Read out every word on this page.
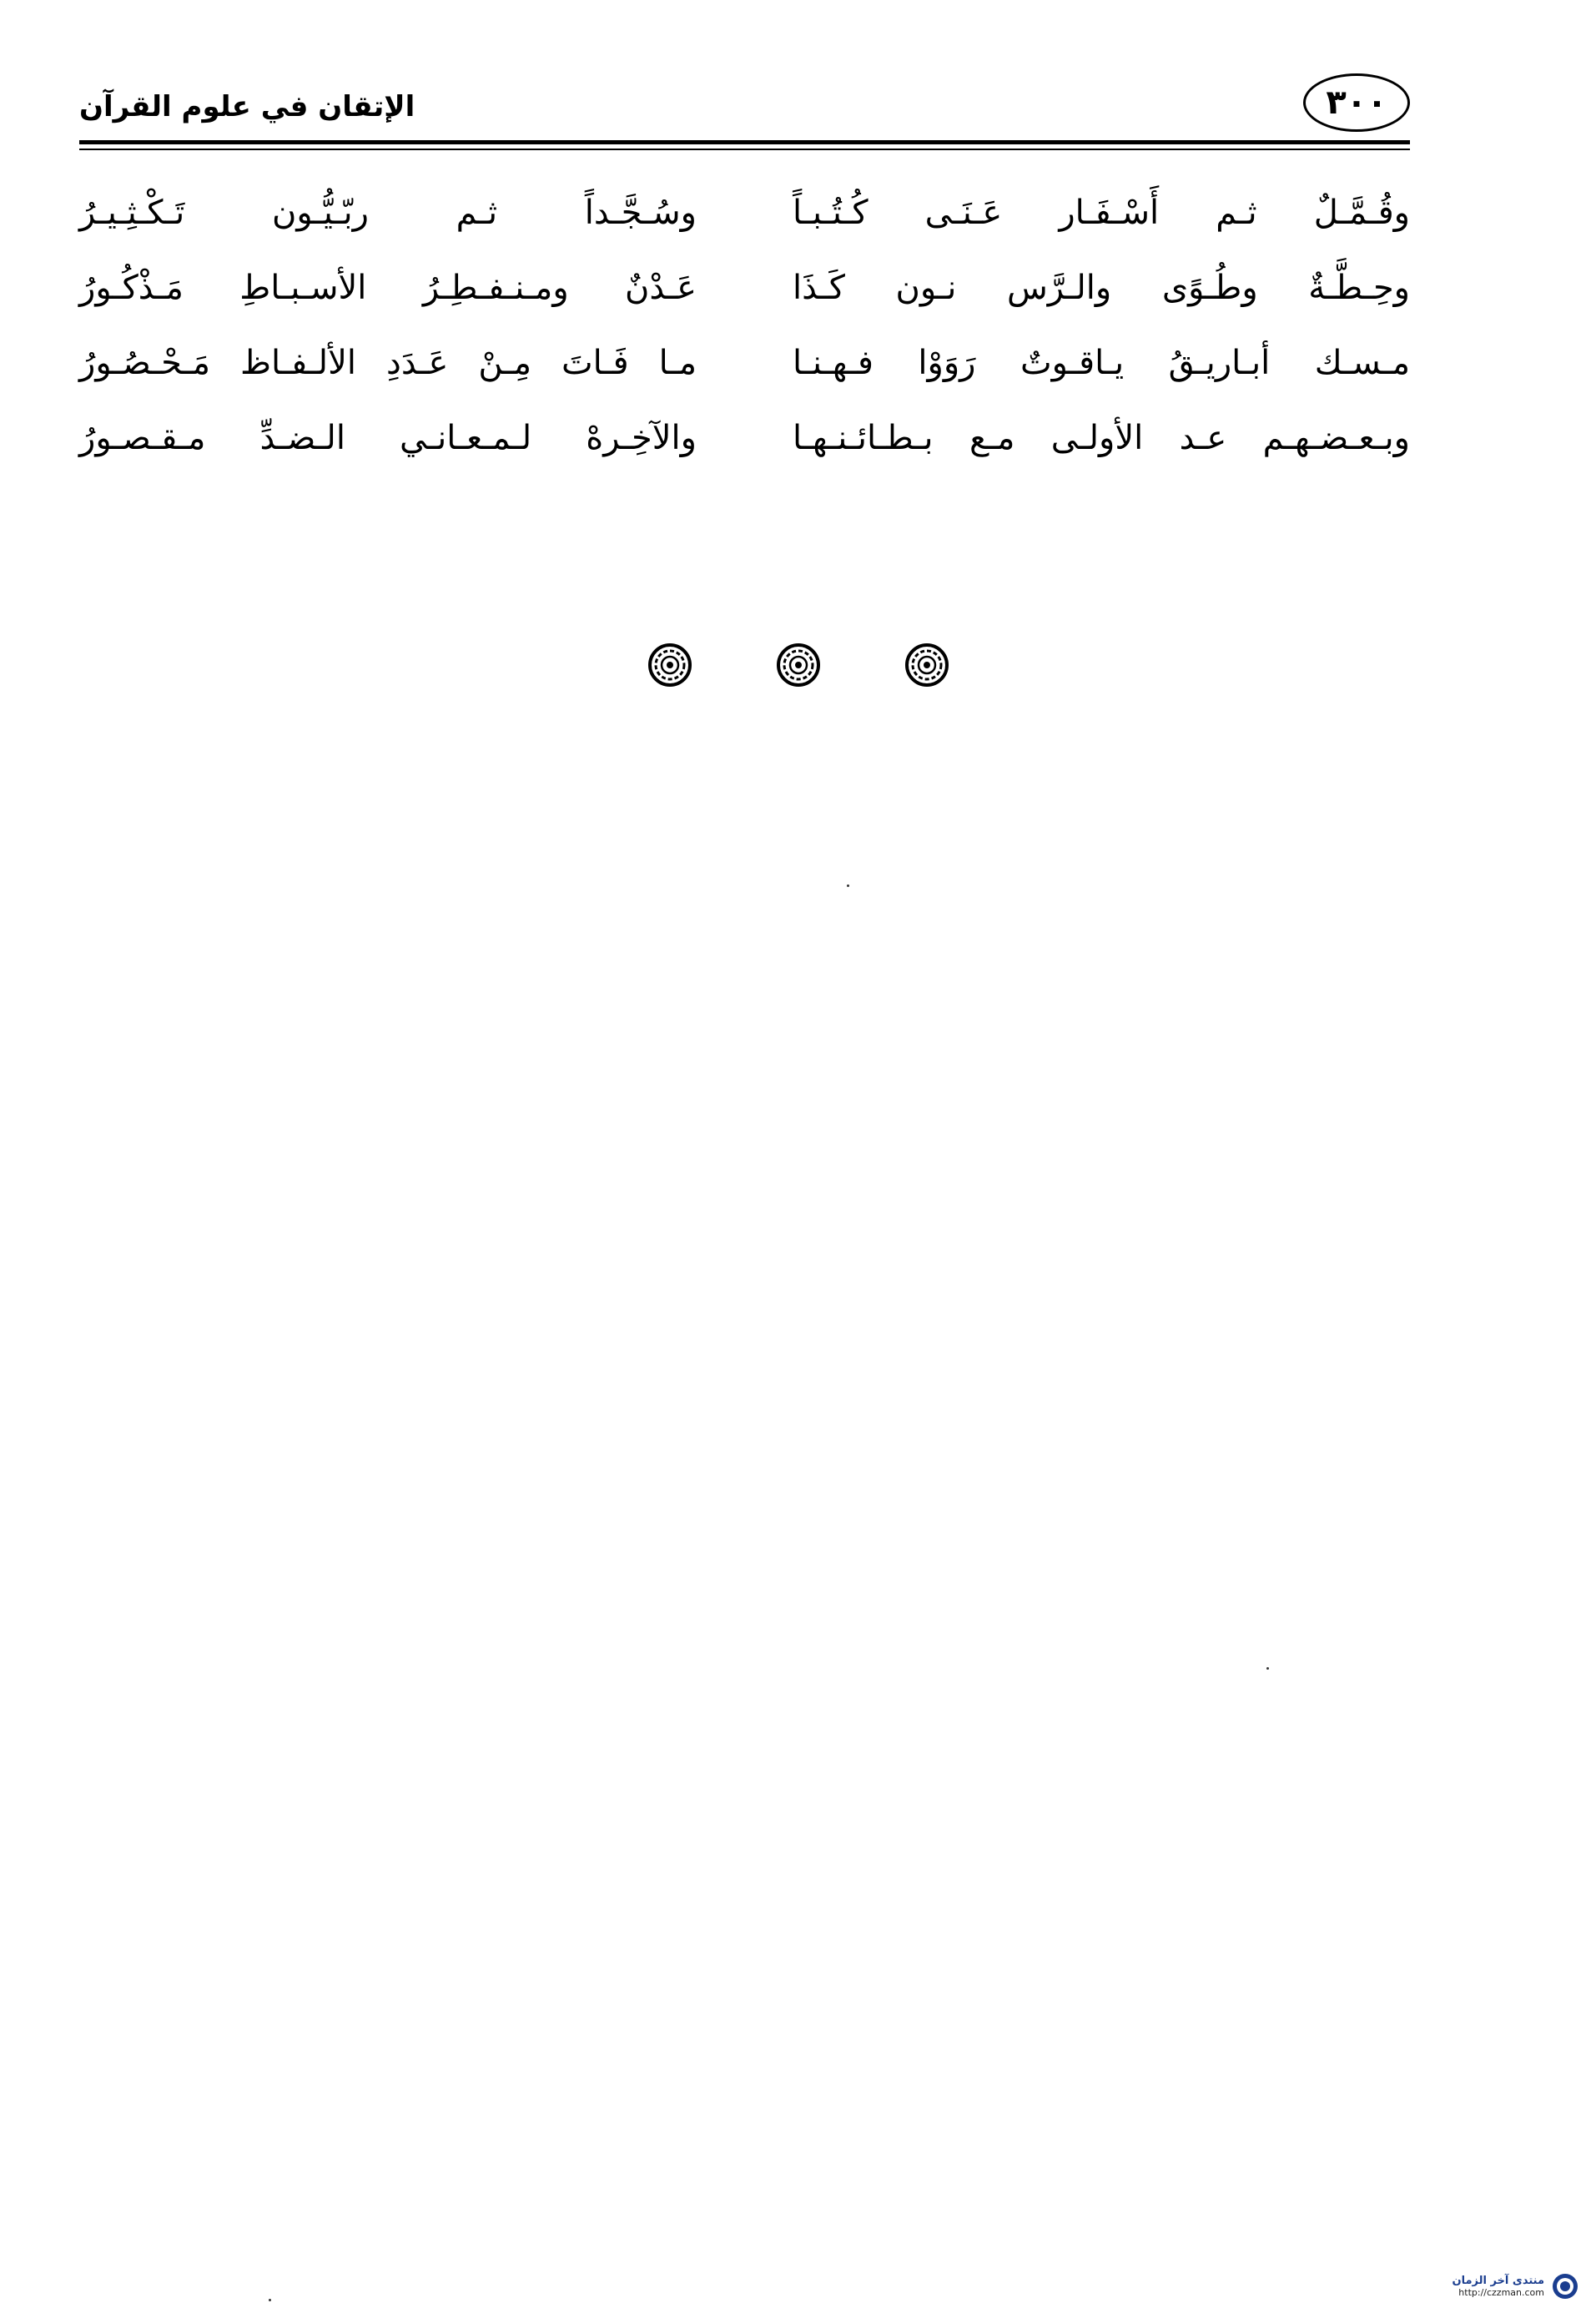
الإتقان في علوم القرآن	٣٠٠
وقُـمَّـلٌ ثـم أَسْـفَـار عَـنَـى كُـتُـبـاً
وسُـجَّـداً ثـم ربّـيُّـون تَـكْـثِـيـرُ
وحِـطَّـةٌ وطُـوًى والـرَّس نـون كَـذَا
عَـدْنٌ ومـنـفـطِـرُ الأسـبـاطِ مَـذْكُـورُ
مـسـك أبـاريـقُ يـاقـوتٌ رَوَوْا فـهـنـا
مـا فَـاتَ مِـنْ عَـدَدِ الألـفـاظ مَـحْـصُـورُ
وبـعـضـهـم عـد الأولـى مـع بـطـائـنـهـا
والآخِـرهْ لـمـعـانـي الـضـدِّ مـقـصـورُ
منتدى آخر الزمان
http://czzman.com
